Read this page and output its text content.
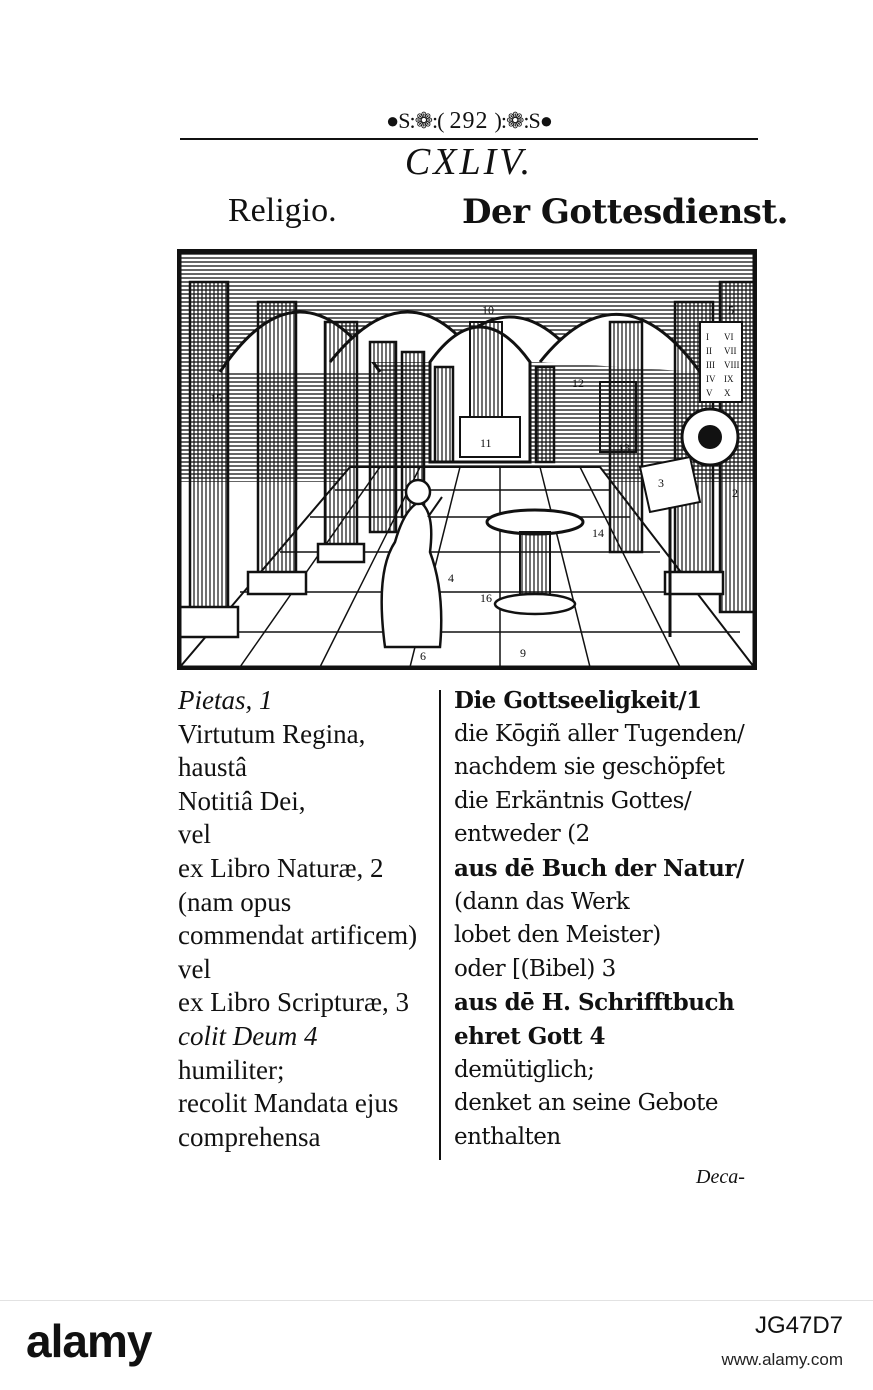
●S:❁:( 292 ):❁:S●
CXLIV.
Religio.	Der Gottesdienst.
10
11
12
13
3
2
14
15
16
6	9
4
5
I VI
II VII
III VIII
IV IX
V X
Pietas, 1
Virtutum Regina,
haustâ
Notitiâ Dei,
vel
ex Libro Naturæ, 2
(nam opus
commendat artificem)
vel
ex Libro Scripturæ, 3
colit Deum 4
humiliter;
recolit Mandata ejus
comprehensa
Die Gottseeligkeit/1
die Kōgiñ aller Tugenden/
nachdem sie geschöpfet
die Erkäntnis Gottes/
entweder (2
aus dē Buch der Natur/
(dann das Werk
lobet den Meister)
oder [(Bibel) 3
aus dē H. Schrifftbuch
ehret Gott 4
demütiglich;
denket an seine Gebote
enthalten
Deca-
alamy	JG47D7
www.alamy.com
